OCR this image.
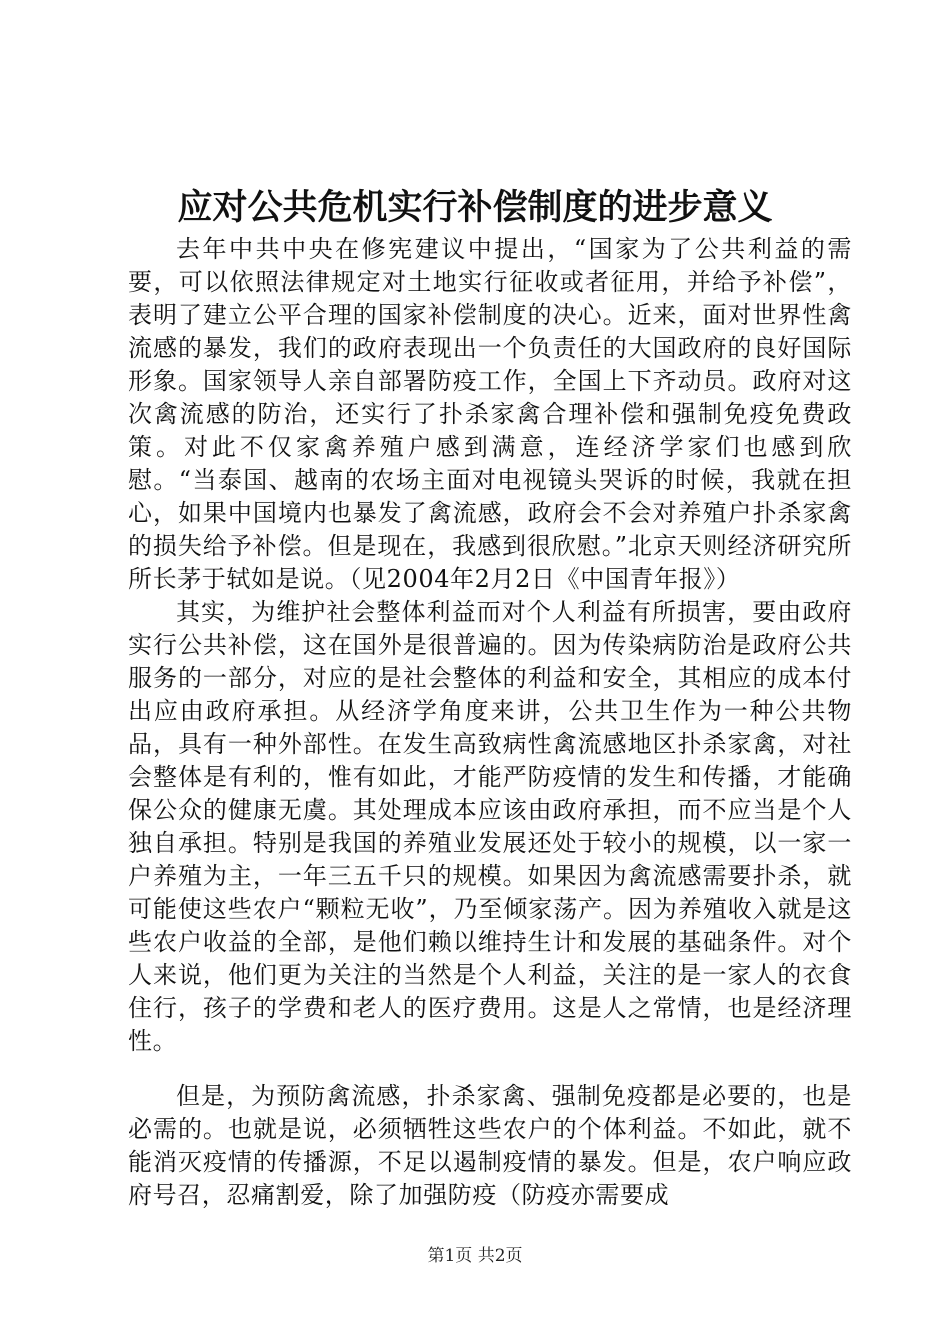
应对公共危机实行补偿制度的进步意义

去年中共中央在修宪建议中提出，“国家为了公共利益的需要，可以依照法律规定对土地实行征收或者征用，并给予补偿”，表明了建立公平合理的国家补偿制度的决心。近来，面对世界性禽流感的暴发，我们的政府表现出一个负责任的大国政府的良好国际形象。国家领导人亲自部署防疫工作，全国上下齐动员。政府对这次禽流感的防治，还实行了扑杀家禽合理补偿和强制免疫免费政策。对此不仅家禽养殖户感到满意，连经济学家们也感到欣慰。“当泰国、越南的农场主面对电视镜头哭诉的时候，我就在担心，如果中国境内也暴发了禽流感，政府会不会对养殖户扑杀家禽的损失给予补偿。但是现在，我感到很欣慰。”北京天则经济研究所所长茅于轼如是说。（见2004年2月2日《中国青年报》）

其实，为维护社会整体利益而对个人利益有所损害，要由政府实行公共补偿，这在国外是很普遍的。因为传染病防治是政府公共服务的一部分，对应的是社会整体的利益和安全，其相应的成本付出应由政府承担。从经济学角度来讲，公共卫生作为一种公共物品，具有一种外部性。在发生高致病性禽流感地区扑杀家禽，对社会整体是有利的，惟有如此，才能严防疫情的发生和传播，才能确保公众的健康无虞。其处理成本应该由政府承担，而不应当是个人独自承担。特别是我国的养殖业发展还处于较小的规模，以一家一户养殖为主，一年三五千只的规模。如果因为禽流感需要扑杀，就可能使这些农户“颗粒无收”，乃至倾家荡产。因为养殖收入就是这些农户收益的全部，是他们赖以维持生计和发展的基础条件。对个人来说，他们更为关注的当然是个人利益，关注的是一家人的衣食住行，孩子的学费和老人的医疗费用。这是人之常情，也是经济理性。

但是，为预防禽流感，扑杀家禽、强制免疫都是必要的，也是必需的。也就是说，必须牺牲这些农户的个体利益。不如此，就不能消灭疫情的传播源，不足以遏制疫情的暴发。但是，农户响应政府号召，忍痛割爱，除了加强防疫（防疫亦需要成

第1页 共2页
